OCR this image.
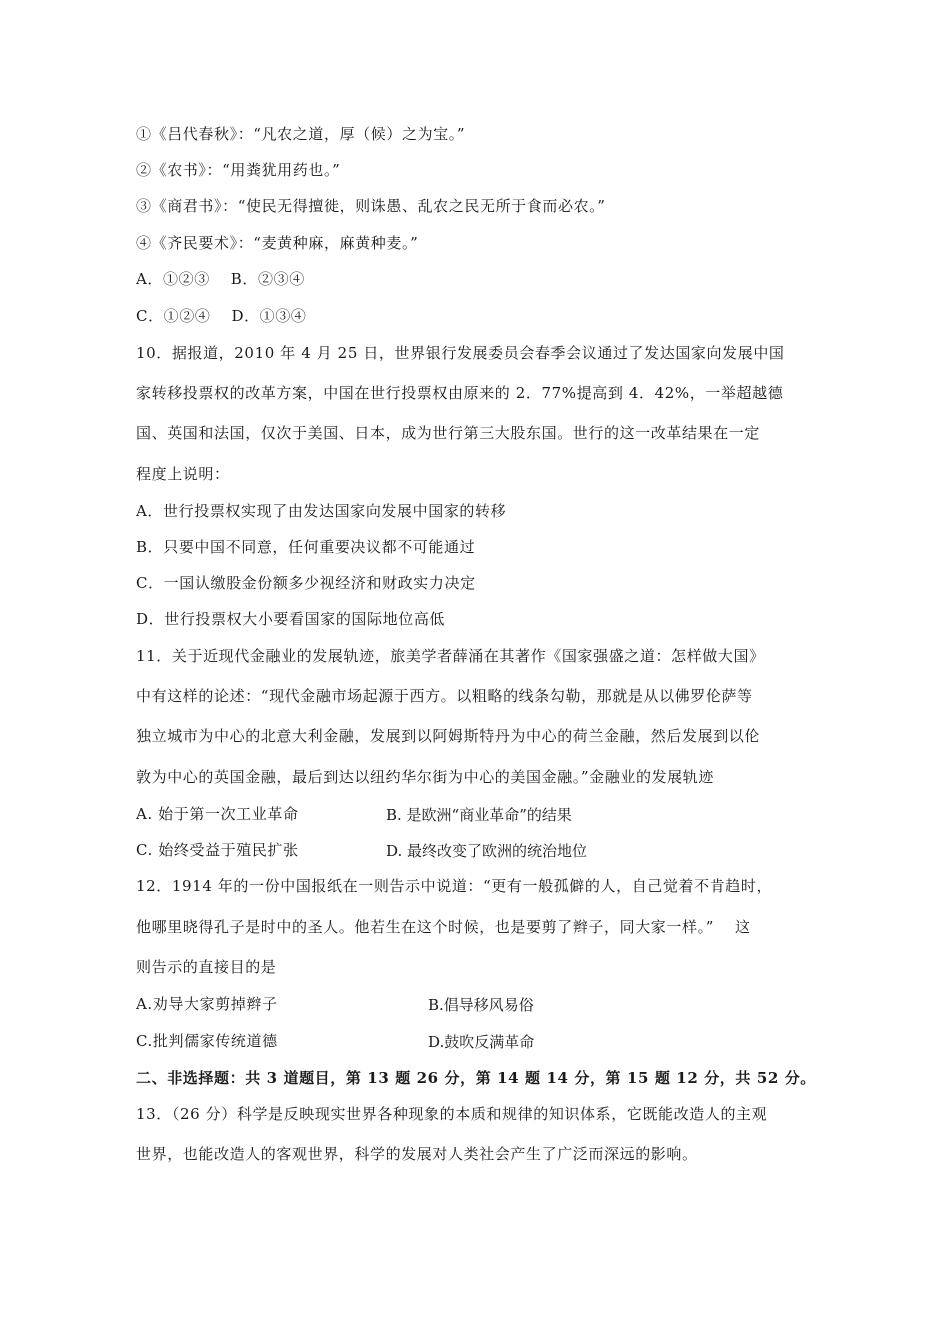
①《吕代春秋》：“凡农之道，厚（候）之为宝。”
②《农书》：“用粪犹用药也。”
③《商君书》：“使民无得擅徙，则诛愚、乱农之民无所于食而必农。”
④《齐民要术》：“麦黄种麻，麻黄种麦。”
A．①②③　 B．②③④
C．①②④　 D．①③④
10．据报道，2010 年 4 月 25 日，世界银行发展委员会春季会议通过了发达国家向发展中国
家转移投票权的改革方案，中国在世行投票权由原来的 2．77%提高到 4．42%，一举超越德
国、英国和法国，仅次于美国、日本，成为世行第三大股东国。世行的这一改革结果在一定
程度上说明：
A．世行投票权实现了由发达国家向发展中国家的转移
B．只要中国不同意，任何重要决议都不可能通过
C．一国认缴股金份额多少视经济和财政实力决定
D．世行投票权大小要看国家的国际地位高低
11．关于近现代金融业的发展轨迹，旅美学者薛涌在其著作《国家强盛之道：怎样做大国》
中有这样的论述：“现代金融市场起源于西方。以粗略的线条勾勒，那就是从以佛罗伦萨等
独立城市为中心的北意大利金融，发展到以阿姆斯特丹为中心的荷兰金融，然后发展到以伦
敦为中心的英国金融，最后到达以纽约华尔街为中心的美国金融。”金融业的发展轨迹
A. 始于第一次工业革命	B. 是欧洲“商业革命”的结果
C. 始终受益于殖民扩张	D. 最终改变了欧洲的统治地位
12．1914 年的一份中国报纸在一则告示中说道：“更有一般孤僻的人，自己觉着不肯趋时，
他哪里晓得孔子是时中的圣人。他若生在这个时候，也是要剪了辫子，同大家一样。”　 这
则告示的直接目的是
A.劝导大家剪掉辫子	B.倡导移风易俗
C.批判儒家传统道德	D.鼓吹反满革命
二、非选择题：共 3 道题目，第 13 题 26 分，第 14 题 14 分，第 15 题 12 分，共 52 分。
13．（26 分）科学是反映现实世界各种现象的本质和规律的知识体系，它既能改造人的主观
世界，也能改造人的客观世界，科学的发展对人类社会产生了广泛而深远的影响。
